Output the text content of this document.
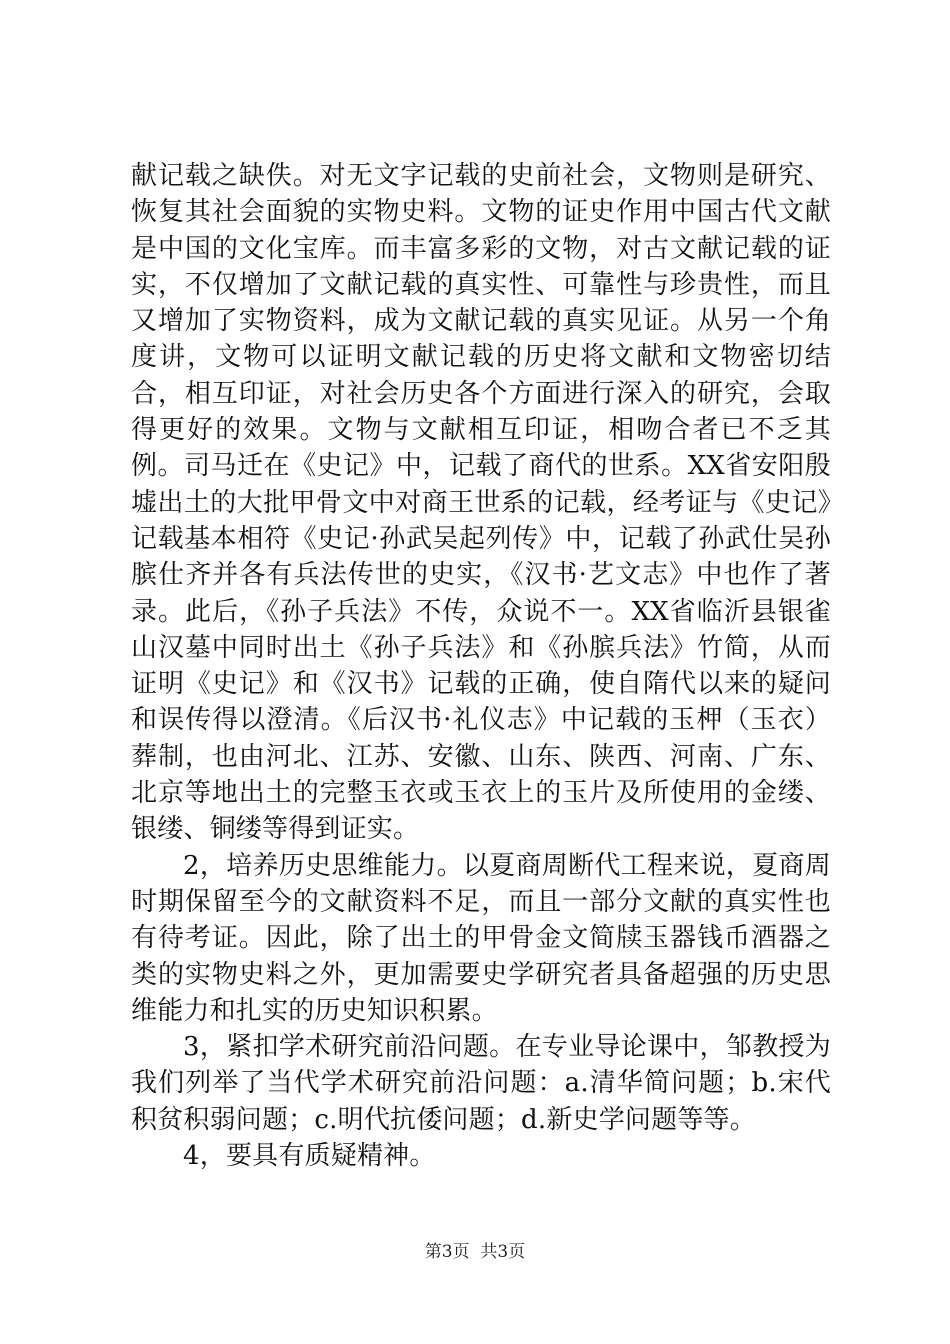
献记载之缺佚。对无文字记载的史前社会，文物则是研究、恢复其社会面貌的实物史料。文物的证史作用中国古代文献是中国的文化宝库。而丰富多彩的文物，对古文献记载的证实，不仅增加了文献记载的真实性、可靠性与珍贵性，而且又增加了实物资料，成为文献记载的真实见证。从另一个角度讲，文物可以证明文献记载的历史将文献和文物密切结合，相互印证，对社会历史各个方面进行深入的研究，会取得更好的效果。文物与文献相互印证，相吻合者已不乏其例。司马迁在《史记》中，记载了商代的世系。XX省安阳殷墟出土的大批甲骨文中对商王世系的记载，经考证与《史记》记载基本相符《史记·孙武吴起列传》中，记载了孙武仕吴孙膑仕齐并各有兵法传世的史实，《汉书·艺文志》中也作了著录。此后，《孙子兵法》不传，众说不一。XX省临沂县银雀山汉墓中同时出土《孙子兵法》和《孙膑兵法》竹简，从而证明《史记》和《汉书》记载的正确，使自隋代以来的疑问和误传得以澄清。《后汉书·礼仪志》中记载的玉柙（玉衣）葬制，也由河北、江苏、安徽、山东、陕西、河南、广东、北京等地出土的完整玉衣或玉衣上的玉片及所使用的金缕、银缕、铜缕等得到证实。

2，培养历史思维能力。以夏商周断代工程来说，夏商周时期保留至今的文献资料不足，而且一部分文献的真实性也有待考证。因此，除了出土的甲骨金文简牍玉器钱币酒器之类的实物史料之外，更加需要史学研究者具备超强的历史思维能力和扎实的历史知识积累。

3，紧扣学术研究前沿问题。在专业导论课中，邹教授为我们列举了当代学术研究前沿问题：a.清华简问题；b.宋代积贫积弱问题；c.明代抗倭问题；d.新史学问题等等。

4，要具有质疑精神。

第3页  共3页
